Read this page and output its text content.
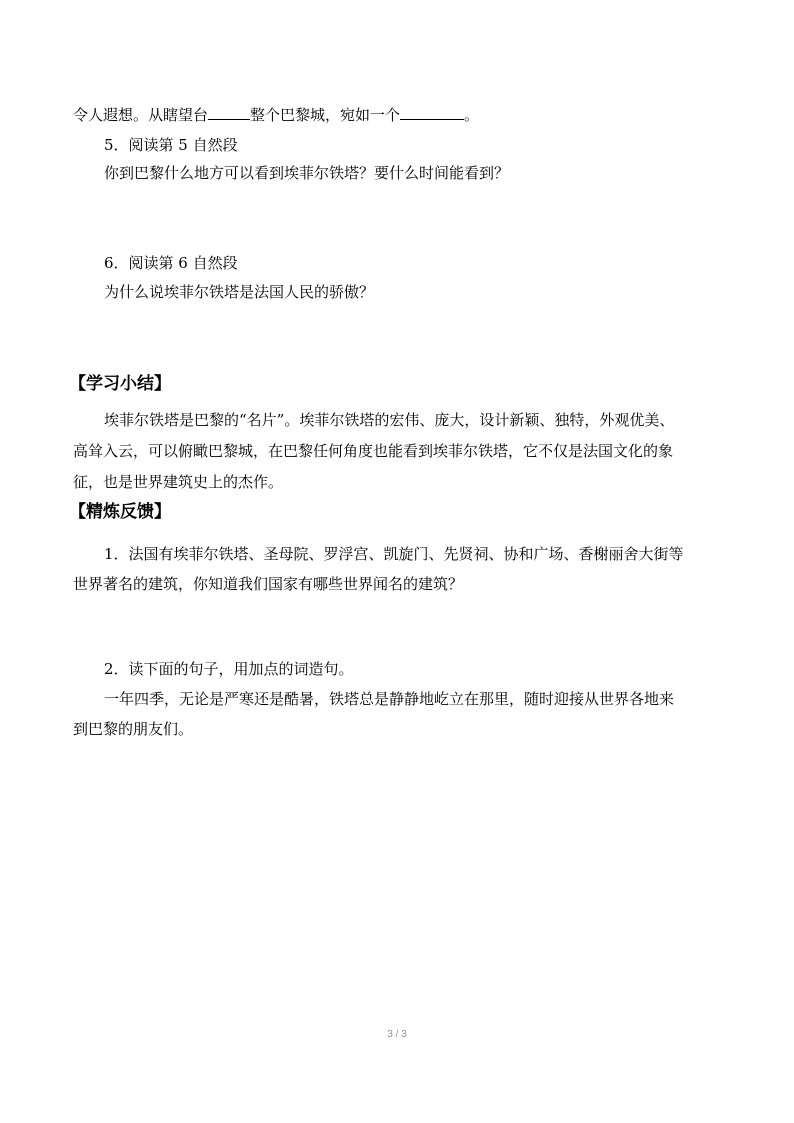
令人遐想。从瞎望台	整个巴黎城，宛如一个	。
5．阅读第 5 自然段
你到巴黎什么地方可以看到埃菲尔铁塔？要什么时间能看到？
6．阅读第 6 自然段
为什么说埃菲尔铁塔是法国人民的骄傲？
【学习小结】
埃菲尔铁塔是巴黎的“名片”。埃菲尔铁塔的宏伟、庞大，设计新颖、独特，外观优美、
高耸入云，可以俯瞰巴黎城，在巴黎任何角度也能看到埃菲尔铁塔，它不仅是法国文化的象
征，也是世界建筑史上的杰作。
【精炼反馈】
1．法国有埃菲尔铁塔、圣母院、罗浮宫、凯旋门、先贤祠、协和广场、香榭丽舍大街等
世界著名的建筑，你知道我们国家有哪些世界闻名的建筑？
2．读下面的句子，用加点的词造句。
一年四季，无论是严寒还是酷暑，铁塔总是静静地屹立在那里，随时迎接从世界各地来
到巴黎的朋友们。
3 / 3
